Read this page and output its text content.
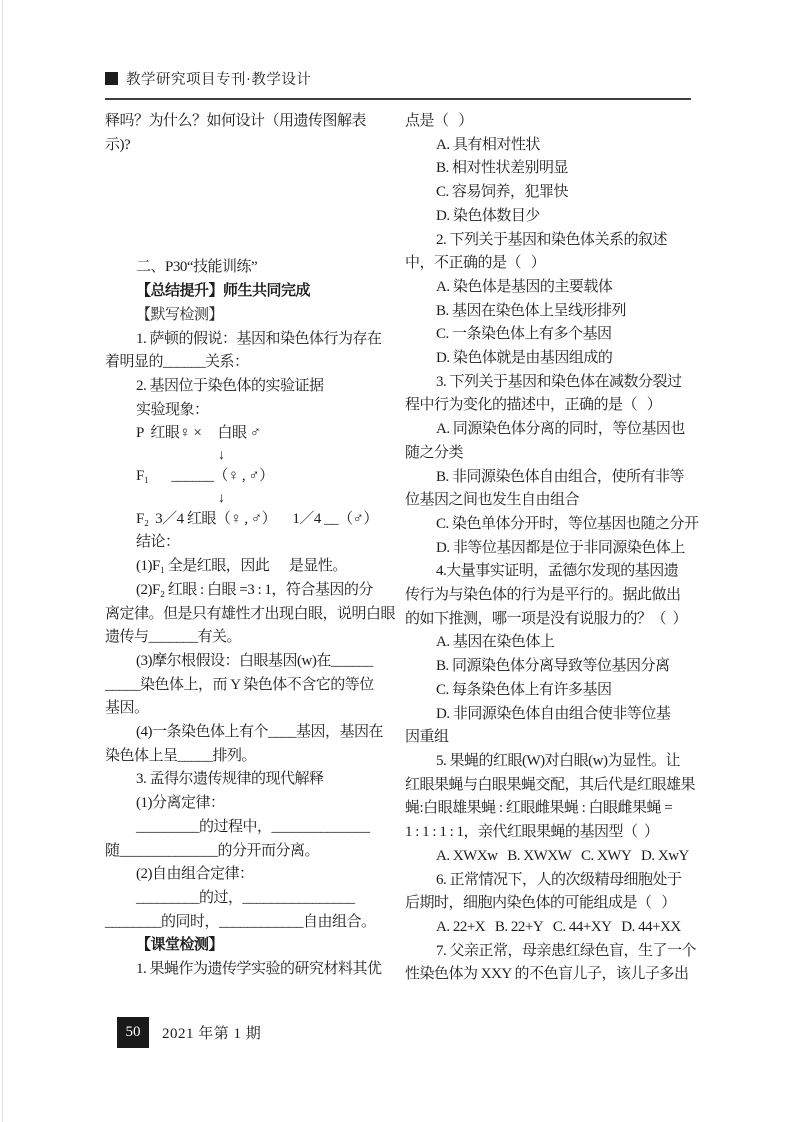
教学研究项目专刊·教学设计
释吗？为什么？如何设计（用遗传图解表
示)?
二、P30“技能训练”
【总结提升】师生共同完成
【默写检测】
1. 萨顿的假说：基因和染色体行为存在
着明显的______关系：
2. 基因位于染色体的实验证据
实验现象：
P  红眼♀ ×     白眼 ♂
↓
F₁       ______（♀ , ♂）
↓
F₂  3／4 红眼（♀ , ♂）     1／4 __（♂）
结论：
(1)F₁ 全是红眼，因此      是显性。
(2)F₂ 红眼 : 白眼 =3 : 1，符合基因的分
离定律。但是只有雄性才出现白眼，说明白眼
遗传与_______有关。
(3)摩尔根假设：白眼基因(w)在______
_____染色体上，而 Y 染色体不含它的等位
基因。
(4)一条染色体上有个____基因，基因在
染色体上呈_____排列。
3. 孟得尔遗传规律的现代解释
(1)分离定律：
_________的过程中，______________
随______________的分开而分离。
(2)自由组合定律：
_________的过，________________
________的同时，____________自由组合。
【课堂检测】
1. 果蝇作为遗传学实验的研究材料其优
点是（   ）
A. 具有相对性状
B. 相对性状差别明显
C. 容易饲养，犯罪快
D. 染色体数目少
2. 下列关于基因和染色体关系的叙述
中，不正确的是（   ）
A. 染色体是基因的主要载体
B. 基因在染色体上呈线形排列
C. 一条染色体上有多个基因
D. 染色体就是由基因组成的
3. 下列关于基因和染色体在减数分裂过
程中行为变化的描述中，正确的是（   ）
A. 同源染色体分离的同时，等位基因也
随之分类
B. 非同源染色体自由组合，使所有非等
位基因之间也发生自由组合
C. 染色单体分开时，等位基因也随之分开
D. 非等位基因都是位于非同源染色体上
4.大量事实证明，孟德尔发现的基因遗
传行为与染色体的行为是平行的。据此做出
的如下推测，哪一项是没有说服力的？（  ）
A. 基因在染色体上
B. 同源染色体分离导致等位基因分离
C. 每条染色体上有许多基因
D. 非同源染色体自由组合使非等位基
因重组
5. 果蝇的红眼(W)对白眼(w)为显性。让
红眼果蝇与白眼果蝇交配，其后代是红眼雄果
蝇:白眼雄果蝇 : 红眼雌果蝇 : 白眼雌果蝇 =
1 : 1 : 1 : 1，亲代红眼果蝇的基因型（  ）
A. XWXw   B. XWXW   C. XWY   D. XwY
6. 正常情况下，人的次级精母细胞处于
后期时，细胞内染色体的可能组成是（   ）
A. 22+X   B. 22+Y   C. 44+XY   D. 44+XX
7. 父亲正常，母亲患红绿色盲，生了一个
性染色体为 XXY 的不色盲儿子，该儿子多出
50 2021 年第 1 期
